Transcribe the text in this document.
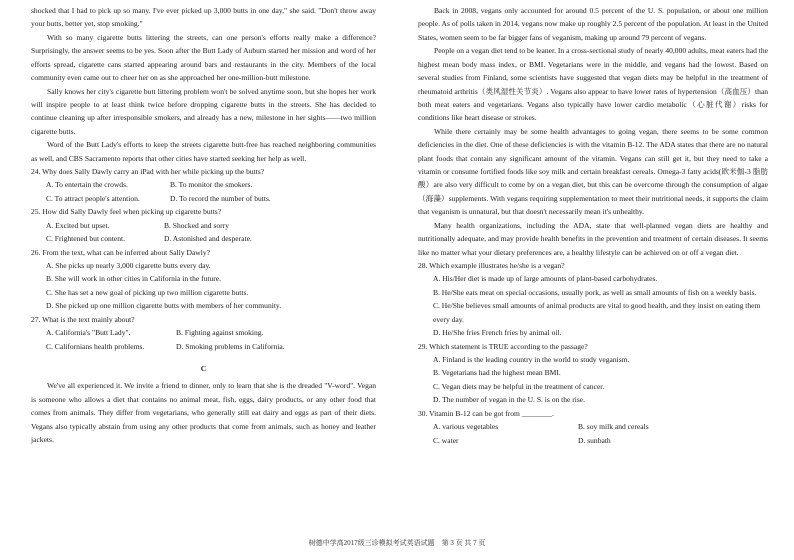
shocked that I had to pick up so many. I've ever picked up 3,000 butts in one day," she said. "Don't throw away your butts, better yet, stop smoking."

With so many cigarette butts littering the streets, can one person's efforts really make a difference? Surprisingly, the answer seems to be yes. Soon after the Butt Lady of Auburn started her mission and word of her efforts spread, cigarette cans started appearing around bars and restaurants in the city. Members of the local community even came out to cheer her on as she approached her one-million-butt milestone.

Sally knows her city's cigarette butt littering problem won't be solved anytime soon, but she hopes her work will inspire people to at least think twice before dropping cigarette butts in the streets. She has decided to continue cleaning up after irresponsible smokers, and already has a new, milestone in her sights——two million cigarette butts.

Word of the Butt Lady's efforts to keep the streets cigarette butt-free has reached neighboring communities as well, and CBS Sacramento reports that other cities have started seeking her help as well.

24. Why does Sally Dawly carry an iPad with her while picking up the butts?

A. To entertain the crowds.	B. To monitor the smokers.
C. To attract people's attention.	D. To record the number of butts.

25. How did Sally Dawly feel when picking up cigarette butts?

A. Excited but upset.	B. Shocked and sorry
C. Frightened but content.	D. Astonished and desperate.

26. From the text, what can be inferred about Sally Dawly?

A. She picks up nearly 3,000 cigarette butts every day.

B. She will work in other cities in California in the future.

C. She has set a new goal of picking up two million cigarette butts.

D. She picked up one million cigarette butts with members of her community.

27. What is the text mainly about?

A. California's "Butt Lady".	B. Fighting against smoking.
C. Californians health problems.	D. Smoking problems in California.
C

We've all experienced it. We invite a friend to dinner, only to learn that she is the dreaded "V-word". Vegan is someone who allows a diet that contains no animal meat, fish, eggs, dairy products, or any other food that comes from animals. They differ from vegetarians, who generally still eat dairy and eggs as part of their diets. Vegans also typically abstain from using any other products that come from animals, such as honey and leather jackets.

Back in 2008, vegans only accounted for around 0.5 percent of the U. S. population, or about one million people. As of polls taken in 2014, vegans now make up roughly 2.5 percent of the population. At least in the United States, women seem to be far bigger fans of veganism, making up around 79 percent of vegans.

People on a vegan diet tend to be leaner. In a cross-sectional study of nearly 40,000 adults, meat eaters had the highest mean body mass index, or BMI. Vegetarians were in the middle, and vegans had the lowest. Based on several studies from Finland, some scientists have suggested that vegan diets may be helpful in the treatment of rheumatoid arthritis（类风湿性关节炎）. Vegans also appear to have lower rates of hypertension（高血压）than both meat eaters and vegetarians. Vegans also typically have lower cardio metabolic（心脏代谢）risks for conditions like heart disease or strokes.

While there certainly may be some health advantages to going vegan, there seems to be some common deficiencies in the diet. One of these deficiencies is with the vitamin B-12. The ADA states that there are no natural plant foods that contain any significant amount of the vitamin. Vegans can still get it, but they need to take a vitamin or consume fortified foods like soy milk and certain breakfast cereals. Omega-3 fatty acids(欧米伽-3 脂肪酸）are also very difficult to come by on a vegan diet, but this can be overcome through the consumption of algae（海藻）supplements. With vegans requiring supplementation to meet their nutritional needs, it supports the claim that veganism is unnatural, but that doesn't necessarily mean it's unhealthy.

Many health organizations, including the ADA, state that well-planned vegan diets are healthy and nutritionally adequate, and may provide health benefits in the prevention and treatment of certain diseases. It seems like no matter what your dietary preferences are, a healthy lifestyle can be achieved on or off a vegan diet.

28. Which example illustrates he/she is a vegan?

A. His/Her diet is made up of large amounts of plant-based carbohydrates.

B. He/She eats meat on special occasions, usually pork, as well as small amounts of fish on a weekly basis.

C. He/She believes small amounts of animal products are vital to good health, and they insist on eating them every day.

D. He/She fries French fries by animal oil.

29. Which statement is TRUE according to the passage?

A. Finland is the leading country in the world to study veganism.

B. Vegetarians had the highest mean BMI.

C. Vegan diets may be helpful in the treatment of cancer.

D. The number of vegan in the U. S. is on the rise.

30. Vitamin B-12 can be got from ________.

A. various vegetables	B. soy milk and cereals
C. water	D. sunbath
树德中学高2017级三诊模拟考试英语试题　第 3 页 共 7 页
